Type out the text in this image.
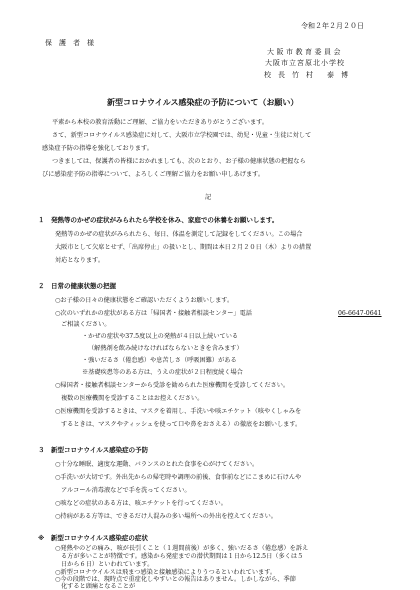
令和２年２月２０日
保　護　者　様
大阪市教育委員会
大阪市立宮原北小学校
校　長　竹　村　　泰　博
新型コロナウイルス感染症の予防について（お願い）
平素から本校の教育活動にご理解、ご協力をいただきありがとうございます。
さて、新型コロナウイルス感染症に対して、大阪市立学校園では、幼児・児童・生徒に対して
感染症予防の指導を強化しております。
つきましては、保護者の皆様におかれましても、次のとおり、お子様の健康状態の把握なら
びに感染症予防の指導について、よろしくご理解ご協力をお願い申しあげます。
記
１　発熱等のかぜの症状がみられたら学校を休み、家庭での休養をお願いします。
発熱等のかぜの症状がみられたら、毎日、体温を測定して記録をしてください。この場合
大阪市として欠席とせず、「出席停止」の扱いとし、期間は本日２月２０日（木）よりの措置
対応となります。
２　日常の健康状態の把握
○お子様の日々の健康状態をご確認いただくようお願いします。
○次のいずれかの症状がある方は「帰国者・接触者相談センター」電話	06-6647-0641
ご相談ください。
・かぜの症状や37.5度以上の発熱が４日以上続いている
（解熱剤を飲み続けなければならないときを含みます）
・強いだるさ（倦怠感）や息苦しさ（呼吸困難）がある
※基礎疾患等のある方は、うえの症状が２日程度続く場合
○帰国者・接触者相談センターから受診を勧められた医療機関を受診してください。
複数の医療機関を受診することはお控えください。
○医療機関を受診するときは、マスクを着用し、手洗いや咳エチケット（咳やくしゃみを
するときは、マスクやティッシュを使って口や鼻をおさえる）の徹底をお願いします。
３　新型コロナウイルス感染症の予防
○十分な睡眠、適度な運動、バランスのとれた食事を心がけてください。
○手洗いが大切です。外出先からの帰宅時や調理の前後、食事前などにこまめに石けんや
アルコール消毒液などで手を洗ってください。
○咳などの症状のある方は、咳エチケットを行ってください。
○持病がある方等は、できるだけ人混みの多い場所への外出を控えてください。
※　新型コロナウイルス感染症の症状
○発熱やのどの痛み、咳が長引くこと（１週間前後）が多く、強いだるさ（倦怠感）を訴え
る方が多いことが特徴です。感染から発症までの潜伏期間は１日から12.5日（多くは５
日から６日）といわれています。
○新型コロナウイルスは飛まつ感染と接触感染によりうつるといわれています。
○今の段階では、現時点で重症化しやすいとの報告はありません。しかしながら、季節
化すると頭痛となることが
